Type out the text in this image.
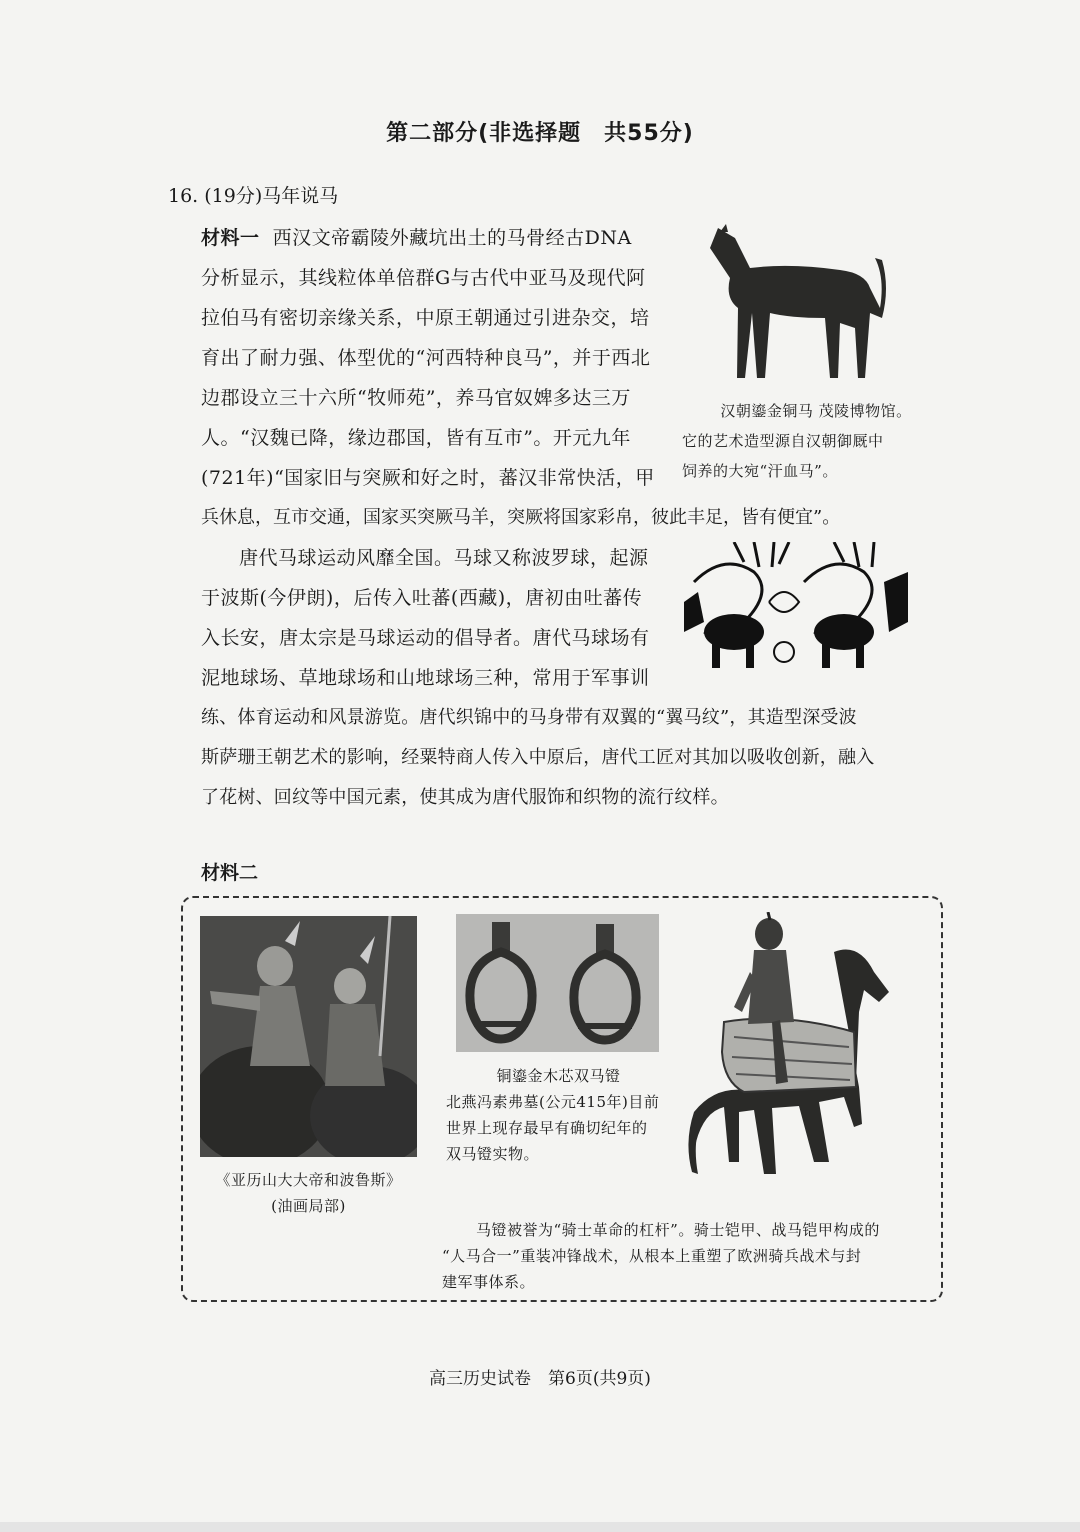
第二部分(非选择题　共55分)
16. (19分)马年说马

材料一 西汉文帝霸陵外藏坑出土的马骨经古DNA

分析显示，其线粒体单倍群G与古代中亚马及现代阿

拉伯马有密切亲缘关系，中原王朝通过引进杂交，培

育出了耐力强、体型优的“河西特种良马”，并于西北

边郡设立三十六所“牧师苑”，养马官奴婢多达三万

人。“汉魏已降，缘边郡国，皆有互市”。开元九年

(721年)“国家旧与突厥和好之时，蕃汉非常快活，甲

兵休息，互市交通，国家买突厥马羊，突厥将国家彩帛，彼此丰足，皆有便宜”。

汉朝鎏金铜马 茂陵博物馆。
它的艺术造型源自汉朝御厩中
饲养的大宛“汗血马”。

唐代马球运动风靡全国。马球又称波罗球，起源

于波斯(今伊朗)，后传入吐蕃(西藏)，唐初由吐蕃传

入长安，唐太宗是马球运动的倡导者。唐代马球场有

泥地球场、草地球场和山地球场三种，常用于军事训

练、体育运动和风景游览。唐代织锦中的马身带有双翼的“翼马纹”，其造型深受波

斯萨珊王朝艺术的影响，经粟特商人传入中原后，唐代工匠对其加以吸收创新，融入

了花树、回纹等中国元素，使其成为唐代服饰和织物的流行纹样。

材料二
《亚历山大大帝和波鲁斯》
(油画局部)
铜鎏金木芯双马镫
北燕冯素弗墓(公元415年)目前
世界上现存最早有确切纪年的
双马镫实物。
马镫被誉为“骑士革命的杠杆”。骑士铠甲、战马铠甲构成的
“人马合一”重装冲锋战术，从根本上重塑了欧洲骑兵战术与封
建军事体系。
高三历史试卷　第6页(共9页)
